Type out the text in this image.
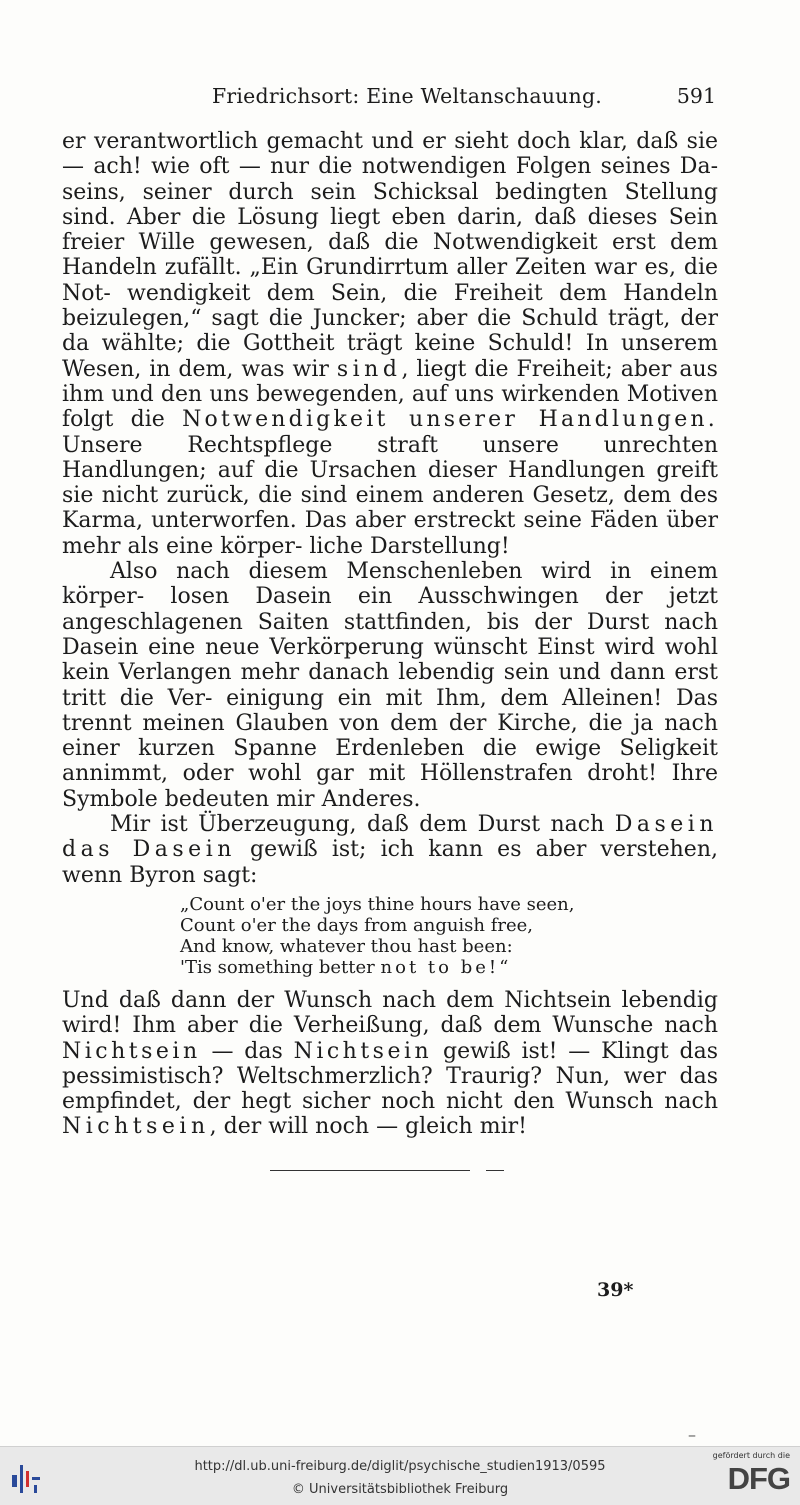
Friedrichsort: Eine Weltanschauung.	591

er verantwortlich gemacht und er sieht doch klar, daß sie — ach! wie oft — nur die notwendigen Folgen seines Da- seins, seiner durch sein Schicksal bedingten Stellung sind. Aber die Lösung liegt eben darin, daß dieses Sein freier Wille gewesen, daß die Notwendigkeit erst dem Handeln zufällt. „Ein Grundirrtum aller Zeiten war es, die Not- wendigkeit dem Sein, die Freiheit dem Handeln beizulegen,“ sagt die Juncker; aber die Schuld trägt, der da wählte; die Gottheit trägt keine Schuld! In unserem Wesen, in dem, was wir sind, liegt die Freiheit; aber aus ihm und den uns bewegenden, auf uns wirkenden Motiven folgt die Notwendigkeit unserer Handlungen. Unsere Rechtspflege straft unsere unrechten Handlungen; auf die Ursachen dieser Handlungen greift sie nicht zurück, die sind einem anderen Gesetz, dem des Karma, unterworfen. Das aber erstreckt seine Fäden über mehr als eine körper- liche Darstellung!

Also nach diesem Menschenleben wird in einem körper- losen Dasein ein Ausschwingen der jetzt angeschlagenen Saiten stattfinden, bis der Durst nach Dasein eine neue Verkörperung wünscht Einst wird wohl kein Verlangen mehr danach lebendig sein und dann erst tritt die Ver- einigung ein mit Ihm, dem Alleinen! Das trennt meinen Glauben von dem der Kirche, die ja nach einer kurzen Spanne Erdenleben die ewige Seligkeit annimmt, oder wohl gar mit Höllenstrafen droht! Ihre Symbole bedeuten mir Anderes.

Mir ist Überzeugung, daß dem Durst nach Dasein das Dasein gewiß ist; ich kann es aber verstehen, wenn Byron sagt:

„Count o'er the joys thine hours have seen,
Count o'er the days from anguish free,
And know, whatever thou hast been:
'Tis something better not to be!“

Und daß dann der Wunsch nach dem Nichtsein lebendig wird! Ihm aber die Verheißung, daß dem Wunsche nach Nichtsein — das Nichtsein gewiß ist! — Klingt das pessimistisch? Weltschmerzlich? Traurig? Nun, wer das empfindet, der hegt sicher noch nicht den Wunsch nach Nichtsein, der will noch — gleich mir!

39*
–
http://dl.ub.uni-freiburg.de/diglit/psychische_studien1913/0595
© Universitätsbibliothek Freiburg
gefördert durch die
DFG
